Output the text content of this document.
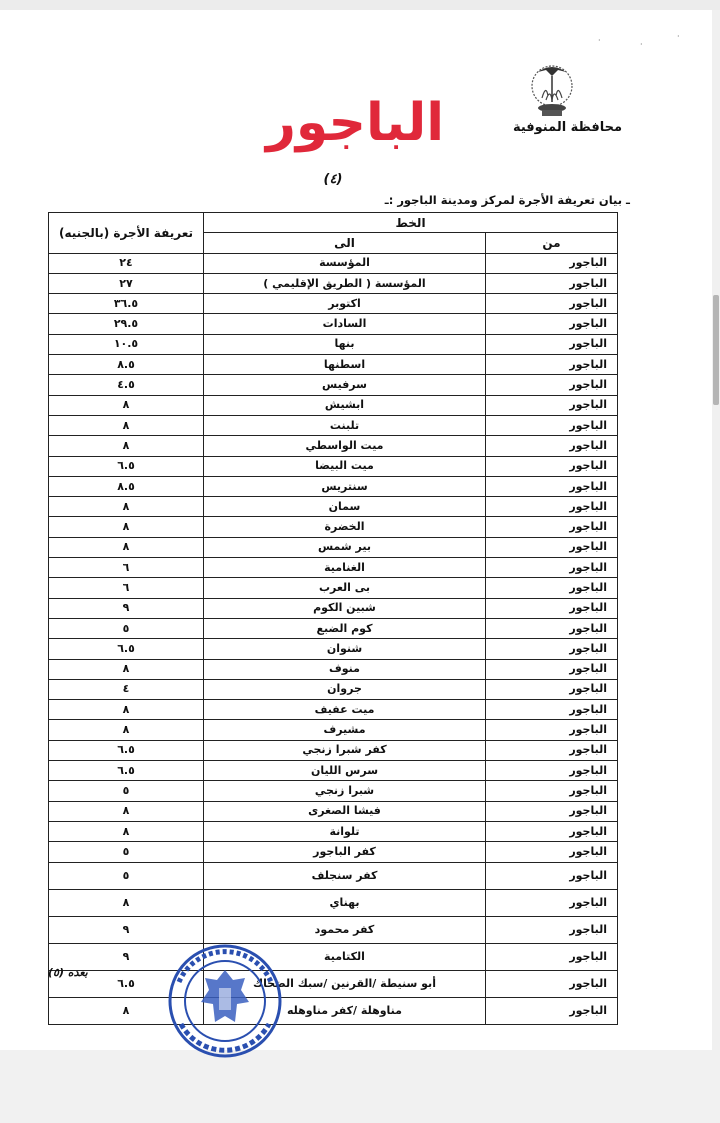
·	·
·
محافظة المنوفية
الباجور
(٤)
ـ بيان تعريفة الأجرة لمركز ومدينة الباجور :ـ
الخط		تعريفة الأجرة (بالجنيه)
من	الى	
الباجور	المؤسسة	٢٤
الباجور	المؤسسة ( الطريق الإقليمي )	٢٧
الباجور	اكتوبر	٣٦.٥
الباجور	السادات	٢٩.٥
الباجور	بنها	١٠.٥
الباجور	اسطنها	٨.٥
الباجور	سرفيس	٤.٥
الباجور	ابشيش	٨
الباجور	تلبنت	٨
الباجور	ميت الواسطي	٨
الباجور	ميت البيضا	٦.٥
الباجور	سنتريس	٨.٥
الباجور	سمان	٨
الباجور	الخضرة	٨
الباجور	بير شمس	٨
الباجور	الغنامية	٦
الباجور	بى العرب	٦
الباجور	شبين الكوم	٩
الباجور	كوم الضبع	٥
الباجور	شنوان	٦.٥
الباجور	منوف	٨
الباجور	جروان	٤
الباجور	ميت عفيف	٨
الباجور	مشيرف	٨
الباجور	كفر شبرا زنجي	٦.٥
الباجور	سرس الليان	٦.٥
الباجور	شبرا زنجي	٥
الباجور	فيشا الصغرى	٨
الباجور	تلوانة	٨
الباجور	كفر الباجور	٥
الباجور	كفر سنجلف	٥
الباجور	بهناي	٨
الباجور	كفر محمود	٩
الباجور	الكتامية	٩
الباجور	أبو سنيطة /القرنين /سبك الضحاك	٦.٥
الباجور	مناوهلة /كفر مناوهله	٨
بعده (٥)
